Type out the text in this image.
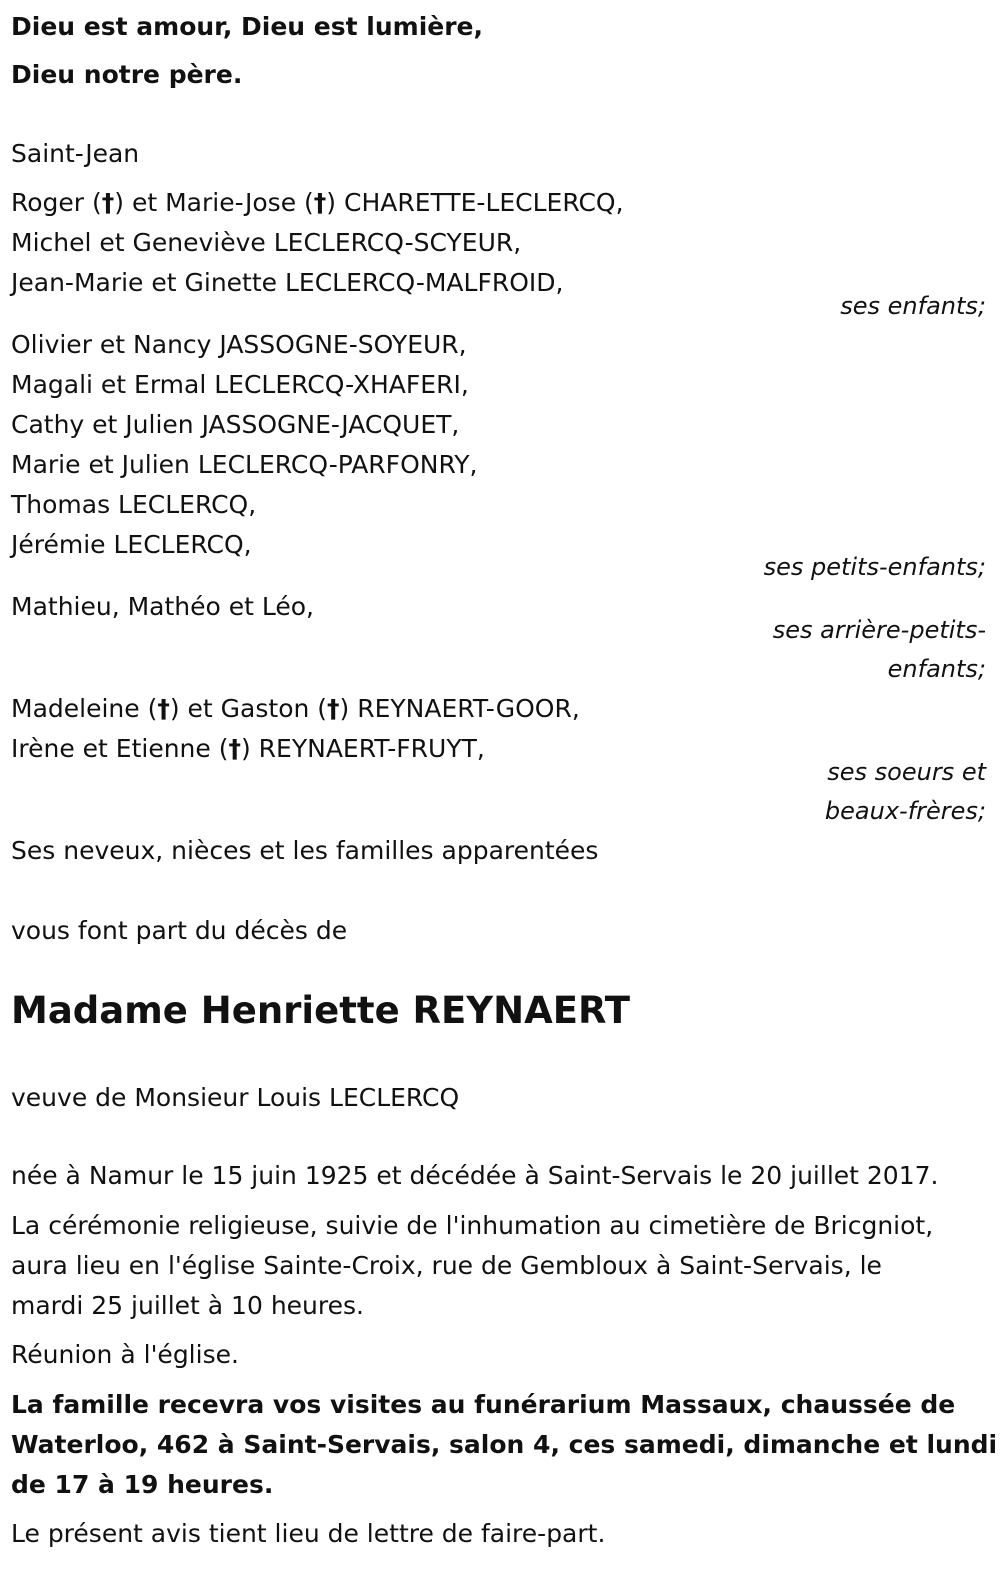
Dieu est amour, Dieu est lumière,
Dieu notre père.
Saint-Jean
Roger (†) et Marie-Jose (†) CHARETTE-LECLERCQ,
Michel et Geneviève LECLERCQ-SCYEUR,
Jean-Marie et Ginette LECLERCQ-MALFROID,
ses enfants;
Olivier et Nancy JASSOGNE-SOYEUR,
Magali et Ermal LECLERCQ-XHAFERI,
Cathy et Julien JASSOGNE-JACQUET,
Marie et Julien LECLERCQ-PARFONRY,
Thomas LECLERCQ,
Jérémie LECLERCQ,
ses petits-enfants;
Mathieu, Mathéo et Léo,
ses arrière-petits-
enfants;
Madeleine (†) et Gaston (†) REYNAERT-GOOR,
Irène et Etienne (†) REYNAERT-FRUYT,
ses soeurs et
beaux-frères;
Ses neveux, nièces et les familles apparentées
vous font part du décès de
Madame Henriette REYNAERT
veuve de Monsieur Louis LECLERCQ
née à Namur le 15 juin 1925 et décédée à Saint-Servais le 20 juillet 2017.
La cérémonie religieuse, suivie de l'inhumation au cimetière de Bricgniot,
aura lieu en l'église Sainte-Croix, rue de Gembloux à Saint-Servais, le
mardi 25 juillet à 10 heures.
Réunion à l'église.
La famille recevra vos visites au funérarium Massaux, chaussée de
Waterloo, 462 à Saint-Servais, salon 4, ces samedi, dimanche et lundi
de 17 à 19 heures.
Le présent avis tient lieu de lettre de faire-part.
